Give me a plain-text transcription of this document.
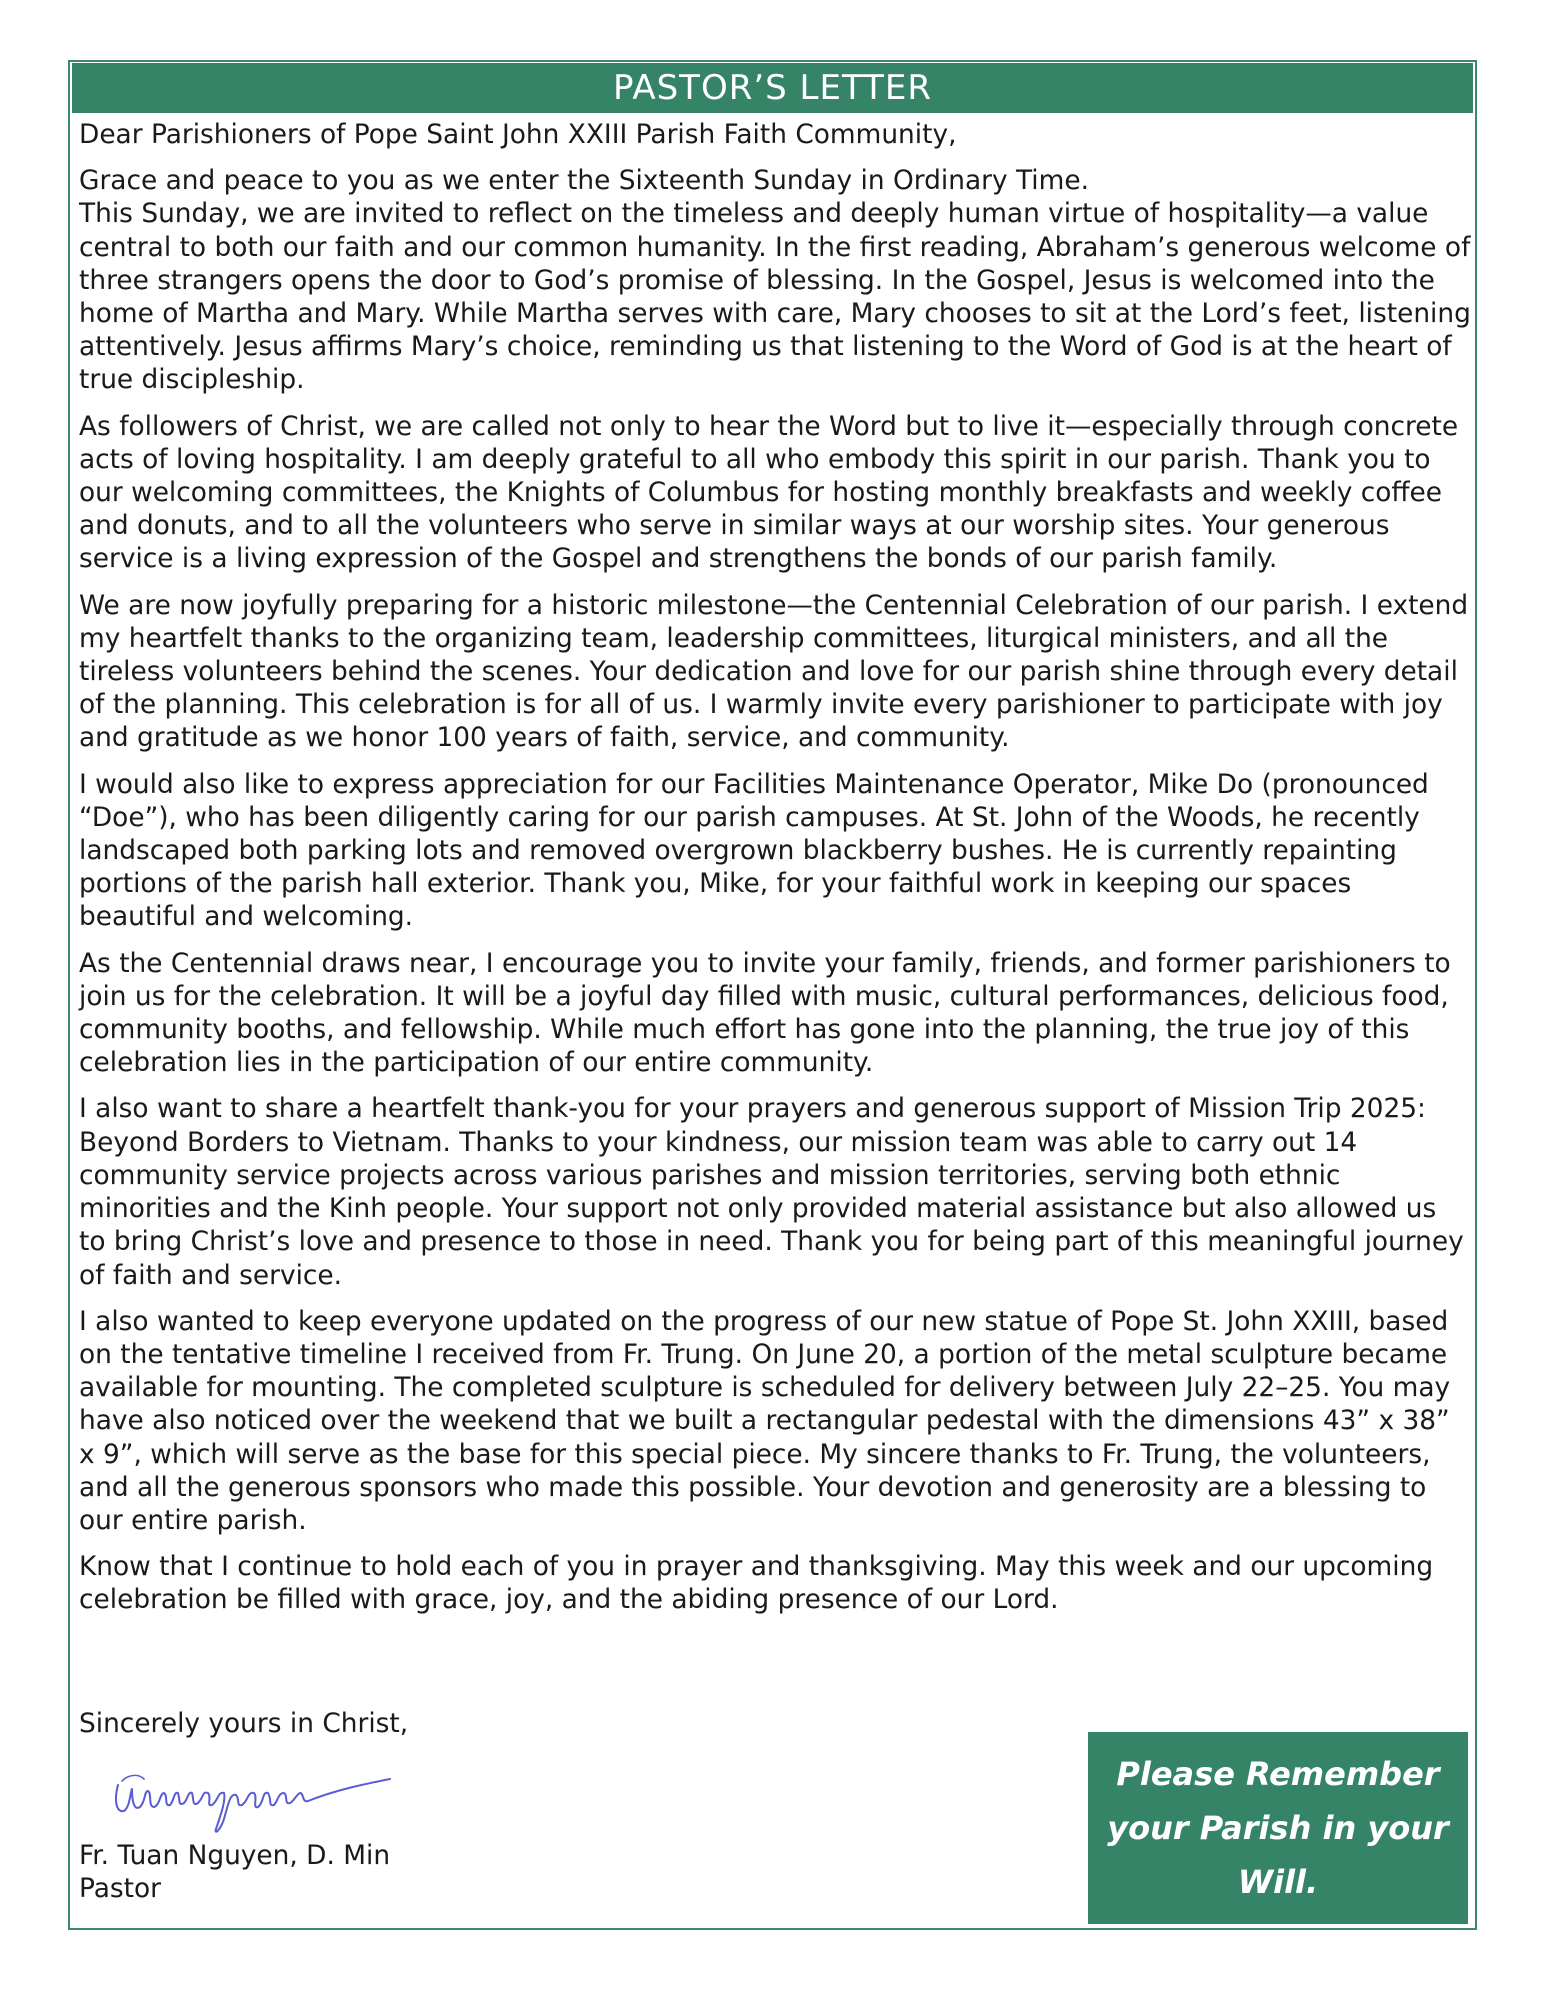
PASTOR’S LETTER

Dear Parishioners of Pope Saint John XXIII Parish Faith Community,

Grace and peace to you as we enter the Sixteenth Sunday in Ordinary Time.

This Sunday, we are invited to reflect on the timeless and deeply human virtue of hospitality—a value central to both our faith and our common humanity. In the first reading, Abraham’s generous welcome of three strangers opens the door to God’s promise of blessing. In the Gospel, Jesus is welcomed into the home of Martha and Mary. While Martha serves with care, Mary chooses to sit at the Lord’s feet, listening attentively. Jesus affirms Mary’s choice, reminding us that listening to the Word of God is at the heart of true discipleship.

As followers of Christ, we are called not only to hear the Word but to live it—especially through concrete acts of loving hospitality. I am deeply grateful to all who embody this spirit in our parish. Thank you to our welcoming committees, the Knights of Columbus for hosting monthly breakfasts and weekly coffee and donuts, and to all the volunteers who serve in similar ways at our worship sites. Your generous service is a living expression of the Gospel and strengthens the bonds of our parish family.

We are now joyfully preparing for a historic milestone—the Centennial Celebration of our parish. I extend my heartfelt thanks to the organizing team, leadership committees, liturgical ministers, and all the tireless volunteers behind the scenes. Your dedication and love for our parish shine through every detail of the planning. This celebration is for all of us. I warmly invite every parishioner to participate with joy and gratitude as we honor 100 years of faith, service, and community.

I would also like to express appreciation for our Facilities Maintenance Operator, Mike Do (pronounced “Doe”), who has been diligently caring for our parish campuses. At St. John of the Woods, he recently landscaped both parking lots and removed overgrown blackberry bushes. He is currently repainting portions of the parish hall exterior. Thank you, Mike, for your faithful work in keeping our spaces beautiful and welcoming.

As the Centennial draws near, I encourage you to invite your family, friends, and former parishioners to join us for the celebration. It will be a joyful day filled with music, cultural performances, delicious food, community booths, and fellowship. While much effort has gone into the planning, the true joy of this celebration lies in the participation of our entire community.

I also want to share a heartfelt thank-you for your prayers and generous support of Mission Trip 2025: Beyond Borders to Vietnam. Thanks to your kindness, our mission team was able to carry out 14 community service projects across various parishes and mission territories, serving both ethnic minorities and the Kinh people. Your support not only provided material assistance but also allowed us to bring Christ’s love and presence to those in need. Thank you for being part of this meaningful journey of faith and service.

I also wanted to keep everyone updated on the progress of our new statue of Pope St. John XXIII, based on the tentative timeline I received from Fr. Trung. On June 20, a portion of the metal sculpture became available for mounting. The completed sculpture is scheduled for delivery between July 22–25. You may have also noticed over the weekend that we built a rectangular pedestal with the dimensions 43” x 38” x 9”, which will serve as the base for this special piece. My sincere thanks to Fr. Trung, the volunteers, and all the generous sponsors who made this possible. Your devotion and generosity are a blessing to our entire parish.

Know that I continue to hold each of you in prayer and thanksgiving. May this week and our upcoming celebration be filled with grace, joy, and the abiding presence of our Lord.

Sincerely yours in Christ,
Fr. Tuan Nguyen, D. Min
Pastor
Please Remember
your Parish in your
Will.
